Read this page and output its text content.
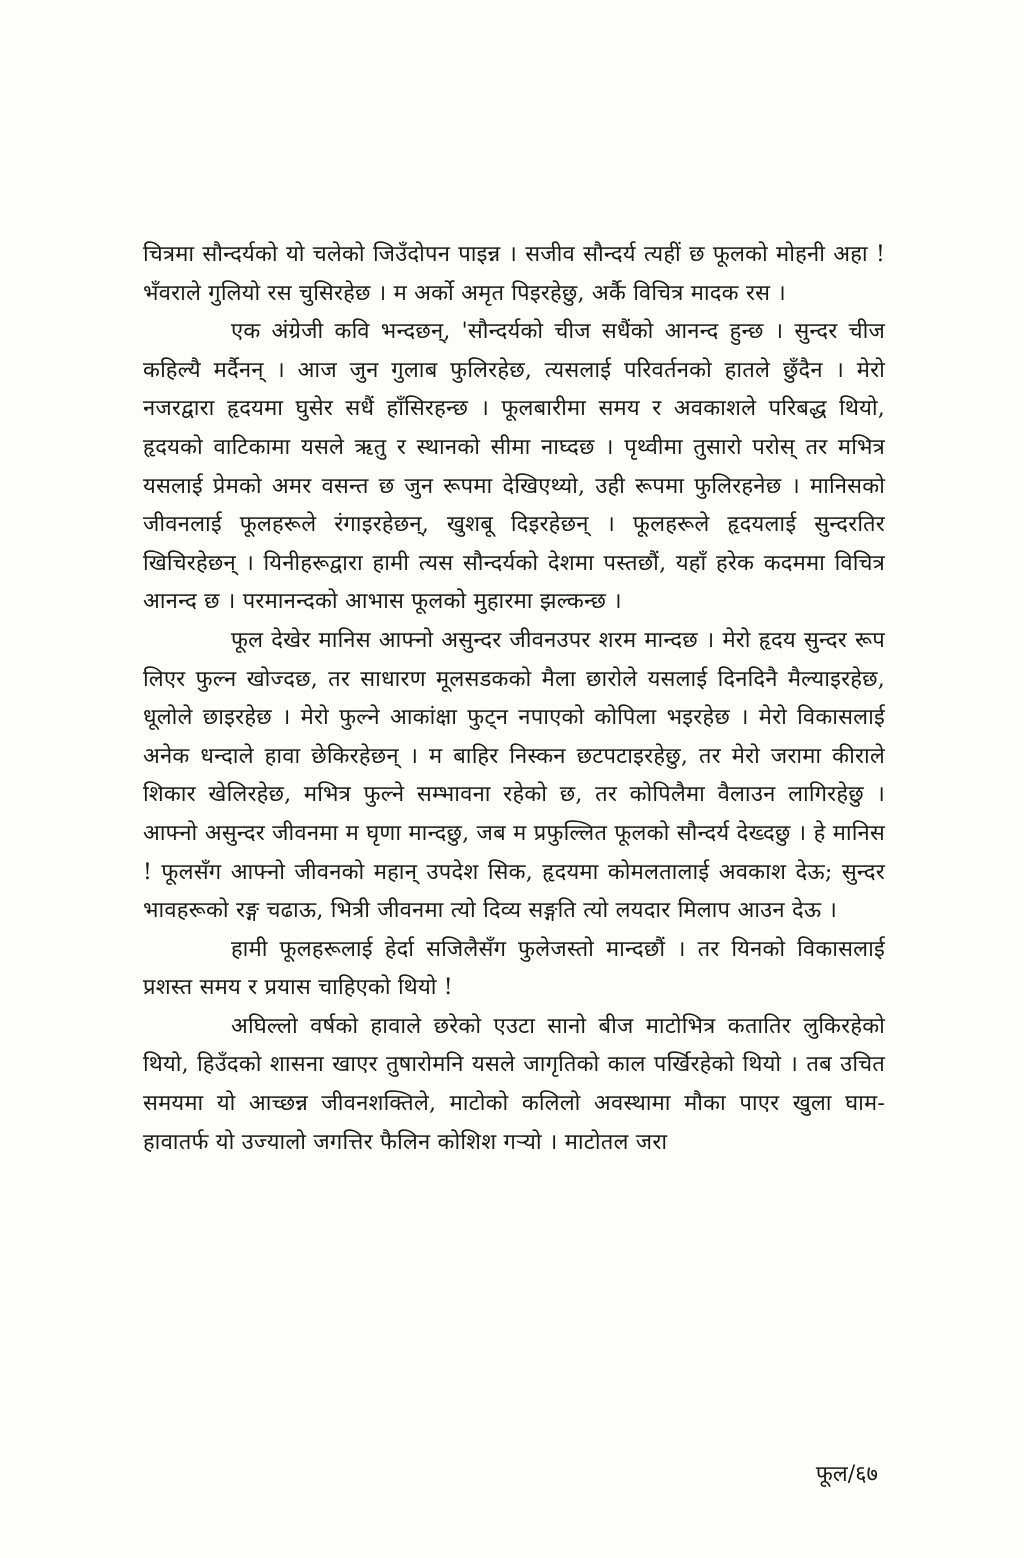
चित्रमा सौन्दर्यको यो चलेको जिउँदोपन पाइन्न । सजीव सौन्दर्य त्यहीं छ फूलको मोहनी अहा ! भँवराले गुलियो रस चुसिरहेछ । म अर्को अमृत पिइरहेछु, अर्कै विचित्र मादक रस ।

एक अंग्रेजी कवि भन्दछन्, 'सौन्दर्यको चीज सधैंको आनन्द हुन्छ । सुन्दर चीज कहिल्यै मर्दैनन् । आज जुन गुलाब फुलिरहेछ, त्यसलाई परिवर्तनको हातले छुँदैन । मेरो नजरद्वारा हृदयमा घुसेर सधैं हाँसिरहन्छ । फूलबारीमा समय र अवकाशले परिबद्ध थियो, हृदयको वाटिकामा यसले ऋतु र स्थानको सीमा नाघ्दछ । पृथ्वीमा तुसारो परोस् तर मभित्र यसलाई प्रेमको अमर वसन्त छ जुन रूपमा देखिएथ्यो, उही रूपमा फुलिरहनेछ । मानिसको जीवनलाई फूलहरूले रंगाइरहेछन्, खुशबू दिइरहेछन् । फूलहरूले हृदयलाई सुन्दरतिर खिचिरहेछन् । यिनीहरूद्वारा हामी त्यस सौन्दर्यको देशमा पस्तछौं, यहाँ हरेक कदममा विचित्र आनन्द छ । परमानन्दको आभास फूलको मुहारमा झल्कन्छ ।

फूल देखेर मानिस आफ्नो असुन्दर जीवनउपर शरम मान्दछ । मेरो हृदय सुन्दर रूप लिएर फुल्न खोज्दछ, तर साधारण मूलसडकको मैला छारोले यसलाई दिनदिनै मैल्याइरहेछ, धूलोले छाइरहेछ । मेरो फुल्ने आकांक्षा फुट्न नपाएको कोपिला भइरहेछ । मेरो विकासलाई अनेक धन्दाले हावा छेकिरहेछन् । म बाहिर निस्कन छटपटाइरहेछु, तर मेरो जरामा कीराले शिकार खेलिरहेछ, मभित्र फुल्ने सम्भावना रहेको छ, तर कोपिलैमा वैलाउन लागिरहेछु । आफ्नो असुन्दर जीवनमा म घृणा मान्दछु, जब म प्रफुल्लित फूलको सौन्दर्य देख्दछु । हे मानिस ! फूलसँग आफ्नो जीवनको महान् उपदेश सिक, हृदयमा कोमलतालाई अवकाश देऊ; सुन्दर भावहरूको रङ्ग चढाऊ, भित्री जीवनमा त्यो दिव्य सङ्गति त्यो लयदार मिलाप आउन देऊ ।

हामी फूलहरूलाई हेर्दा सजिलैसँग फुलेजस्तो मान्दछौं । तर यिनको विकासलाई प्रशस्त समय र प्रयास चाहिएको थियो !

अघिल्लो वर्षको हावाले छरेको एउटा सानो बीज माटोभित्र कतातिर लुकिरहेको थियो, हिउँदको शासना खाएर तुषारोमनि यसले जागृतिको काल पर्खिरहेको थियो । तब उचित समयमा यो आच्छन्न जीवनशक्तिले, माटोको कलिलो अवस्थामा मौका पाएर खुला घाम-हावातर्फ यो उज्यालो जगत्तिर फैलिन कोशिश गर्‍यो । माटोतल जरा

फूल/६७
